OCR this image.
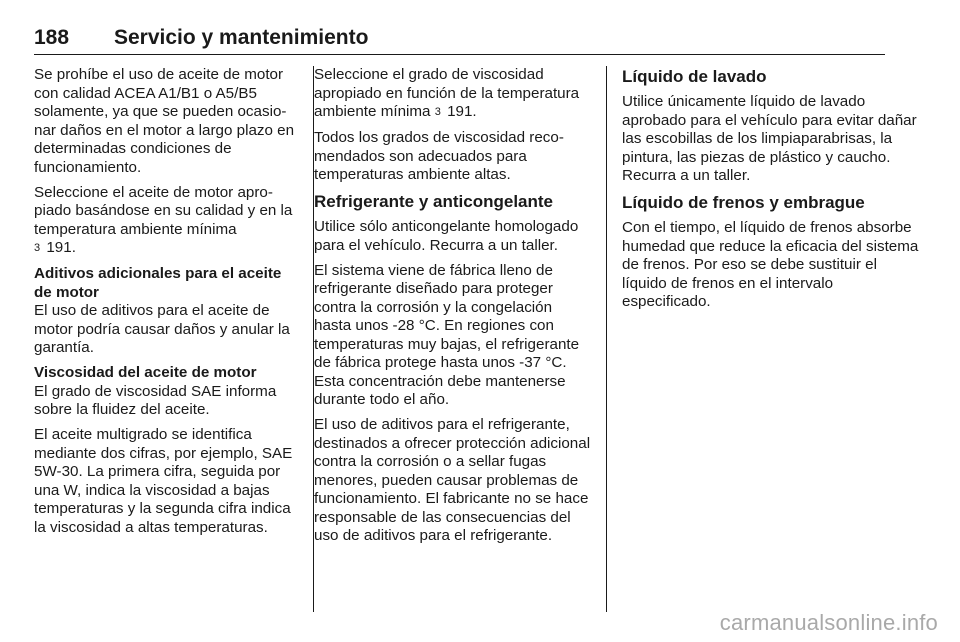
188 Servicio y mantenimiento

Se prohíbe el uso de aceite de motor con calidad ACEA A1/B1 o A5/B5 solamente, ya que se pueden ocasionar daños en el motor a largo plazo en determinadas condiciones de funcionamiento.

Seleccione el aceite de motor apropiado basándose en su calidad y en la temperatura ambiente mínima
3 191.

Aditivos adicionales para el aceite de motor

El uso de aditivos para el aceite de motor podría causar daños y anular la garantía.

Viscosidad del aceite de motor

El grado de viscosidad SAE informa sobre la fluidez del aceite.

El aceite multigrado se identifica mediante dos cifras, por ejemplo, SAE 5W-30. La primera cifra, seguida por una W, indica la viscosidad a bajas temperaturas y la segunda cifra indica la viscosidad a altas temperaturas.

Seleccione el grado de viscosidad apropiado en función de la temperatura ambiente mínima 3 191.

Todos los grados de viscosidad recomendados son adecuados para temperaturas ambiente altas.

Refrigerante y anticongelante

Utilice sólo anticongelante homologado para el vehículo. Recurra a un taller.

El sistema viene de fábrica lleno de refrigerante diseñado para proteger contra la corrosión y la congelación hasta unos -28 °C. En regiones con temperaturas muy bajas, el refrigerante de fábrica protege hasta unos -37 °C. Esta concentración debe mantenerse durante todo el año.

El uso de aditivos para el refrigerante, destinados a ofrecer protección adicional contra la corrosión o a sellar fugas menores, pueden causar problemas de funcionamiento. El fabricante no se hace responsable de las consecuencias del uso de aditivos para el refrigerante.

Líquido de lavado

Utilice únicamente líquido de lavado aprobado para el vehículo para evitar dañar las escobillas de los limpiaparabrisas, la pintura, las piezas de plástico y caucho. Recurra a un taller.

Líquido de frenos y embrague

Con el tiempo, el líquido de frenos absorbe humedad que reduce la eficacia del sistema de frenos. Por eso se debe sustituir el líquido de frenos en el intervalo especificado.

carmanualsonline.info
